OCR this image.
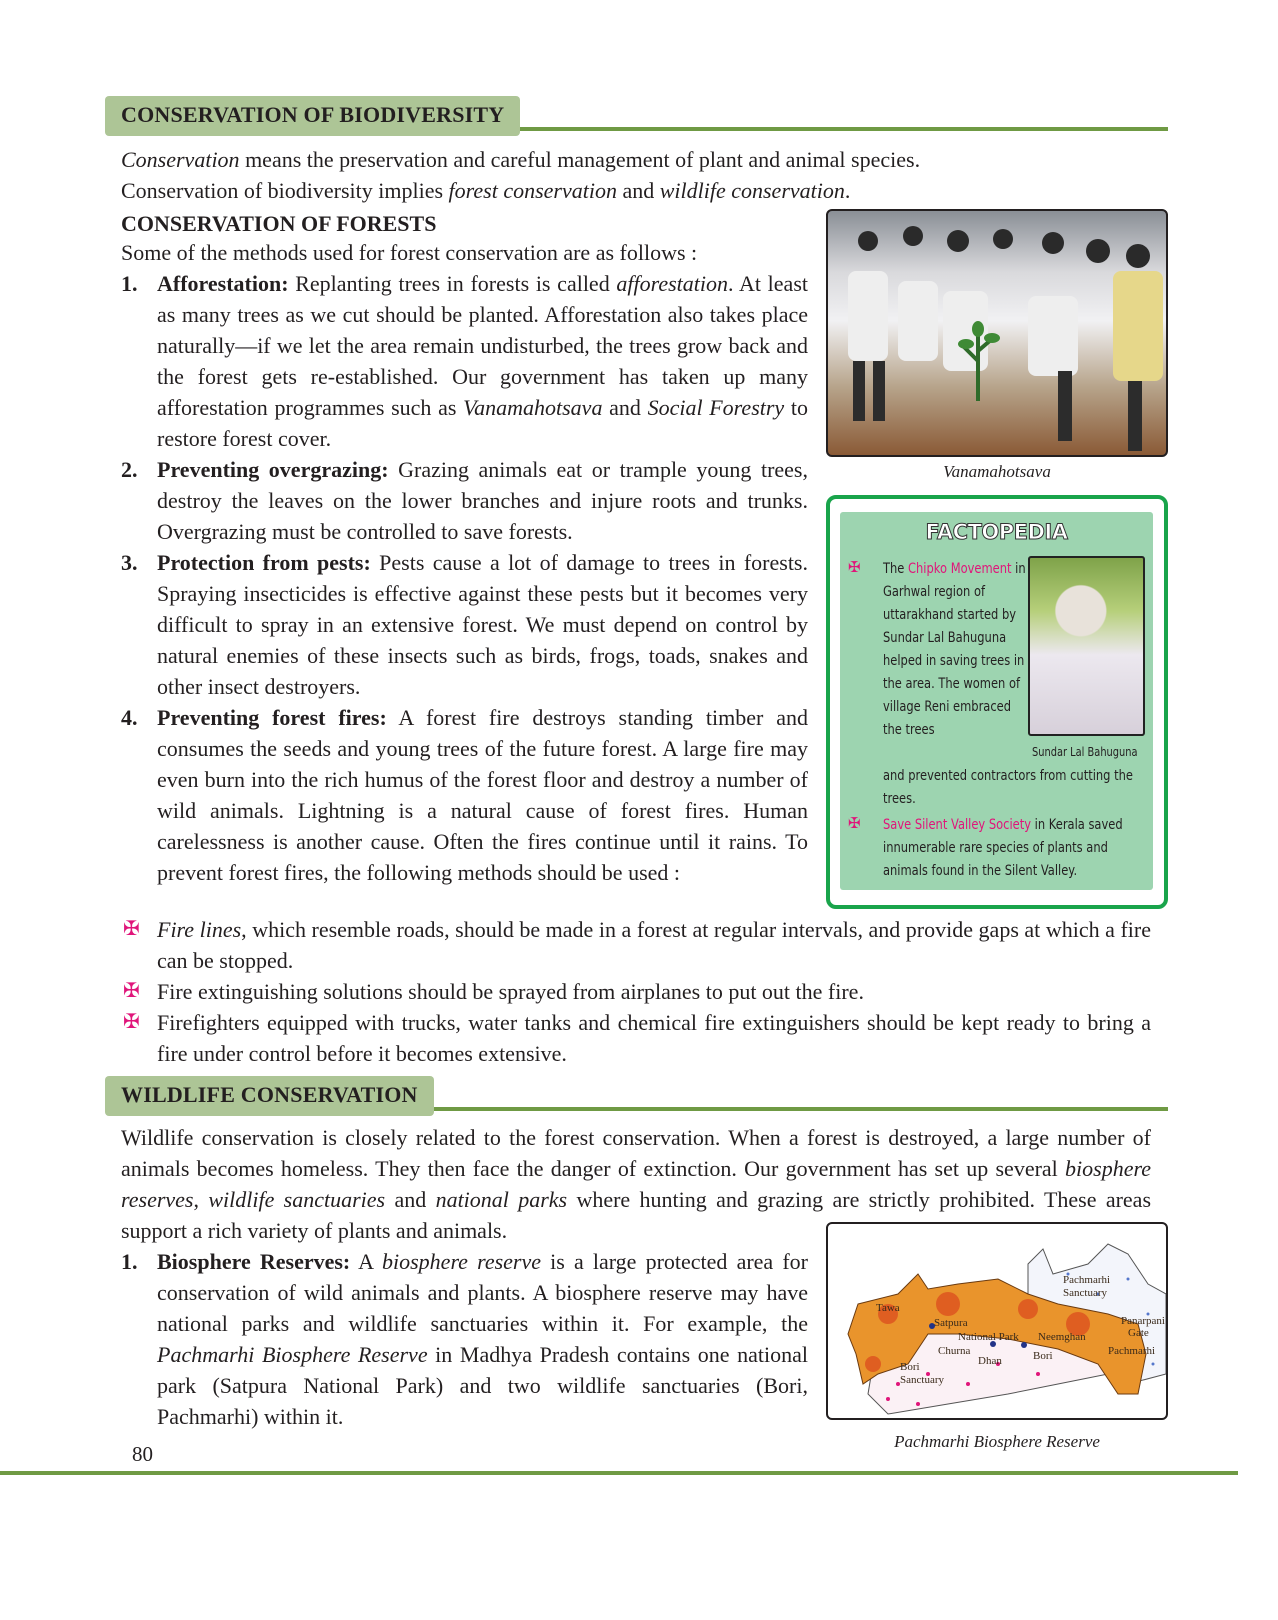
CONSERVATION OF BIODIVERSITY
Conservation means the preservation and careful management of plant and animal species.
Conservation of biodiversity implies forest conservation and wildlife conservation.
CONSERVATION OF FORESTS
Some of the methods used for forest conservation are as follows :
1. Afforestation: Replanting trees in forests is called afforestation. At least as many trees as we cut should be planted. Afforestation also takes place naturally—if we let the area remain undisturbed, the trees grow back and the forest gets re-established. Our government has taken up many afforestation programmes such as Vanamahotsava and Social Forestry to restore forest cover.
2. Preventing overgrazing: Grazing animals eat or trample young trees, destroy the leaves on the lower branches and injure roots and trunks. Overgrazing must be controlled to save forests.
3. Protection from pests: Pests cause a lot of damage to trees in forests. Spraying insecticides is effective against these pests but it becomes very difficult to spray in an extensive forest. We must depend on control by natural enemies of these insects such as birds, frogs, toads, snakes and other insect destroyers.
4. Preventing forest fires: A forest fire destroys standing timber and consumes the seeds and young trees of the future forest. A large fire may even burn into the rich humus of the forest floor and destroy a number of wild animals. Lightning is a natural cause of forest fires. Human carelessness is another cause. Often the fires continue until it rains. To prevent forest fires, the following methods should be used :
Vanamahotsava
FACTOPEDIA
✠ The Chipko Movement in Garhwal region of uttarakhand started by Sundar Lal Bahuguna helped in saving trees in the area. The women of village Reni embraced the trees
and prevented contractors from cutting the trees.
Sundar Lal Bahuguna
✠ Save Silent Valley Society in Kerala saved innumerable rare species of plants and animals found in the Silent Valley.
✠ Fire lines, which resemble roads, should be made in a forest at regular intervals, and provide gaps at which a fire can be stopped.
✠ Fire extinguishing solutions should be sprayed from airplanes to put out the fire.
✠ Firefighters equipped with trucks, water tanks and chemical fire extinguishers should be kept ready to bring a fire under control before it becomes extensive.
WILDLIFE CONSERVATION
Wildlife conservation is closely related to the forest conservation. When a forest is destroyed, a large number of animals becomes homeless. They then face the danger of extinction. Our government has set up several biosphere reserves, wildlife sanctuaries and national parks where hunting and grazing are strictly prohibited. These areas support a rich variety of plants and animals.
1. Biosphere Reserves: A biosphere reserve is a large protected area for conservation of wild animals and plants. A biosphere reserve may have national parks and wildlife sanctuaries within it. For example, the Pachmarhi Biosphere Reserve in Madhya Pradesh contains one national park (Satpura National Park) and two wildlife sanctuaries (Bori, Pachmarhi) within it.
Tawa
Satpura
National Park Neemghan
Pachmarhi
Sanctuary
Panarpani
Gate
Pachmarhi
Churna
Dhan	Bori
Bori
Sanctuary
Pachmarhi Biosphere Reserve
80
